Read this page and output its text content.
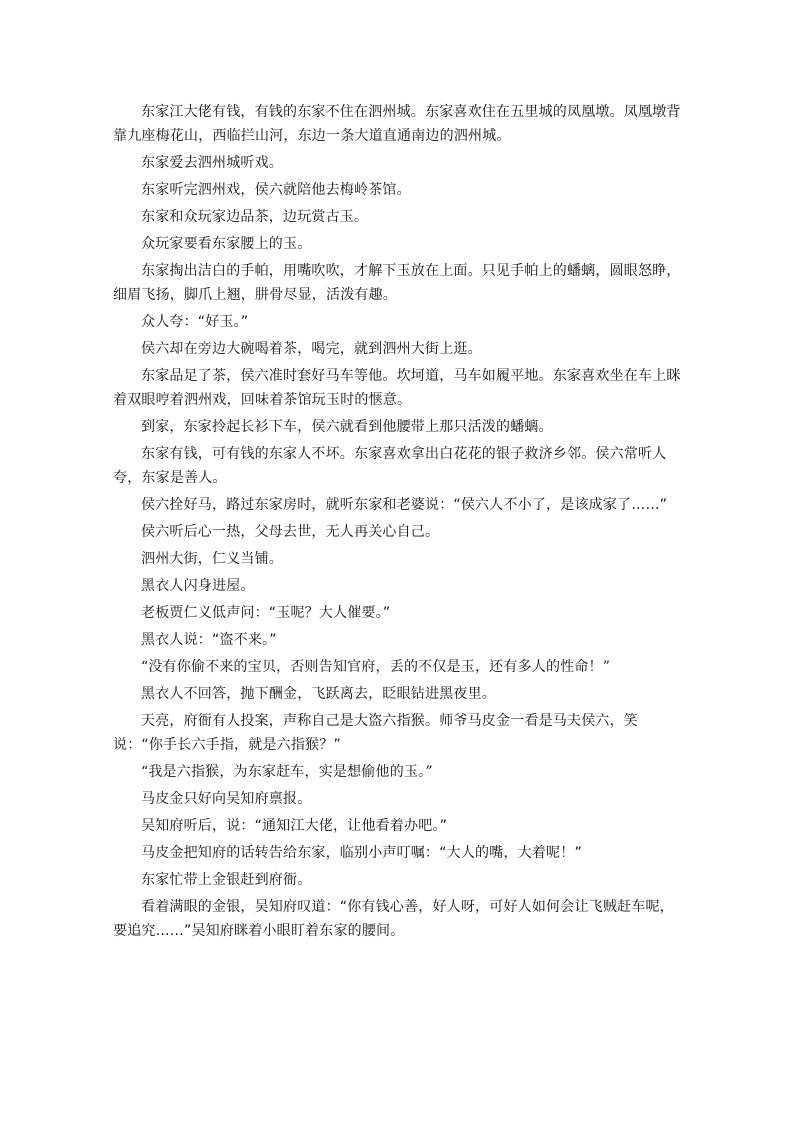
东家江大佬有钱，有钱的东家不住在泗州城。东家喜欢住在五里城的凤凰墩。凤凰墩背靠九座梅花山，西临拦山河，东边一条大道直通南边的泗州城。

东家爱去泗州城听戏。

东家听完泗州戏，侯六就陪他去梅岭茶馆。

东家和众玩家边品茶，边玩赏古玉。

众玩家要看东家腰上的玉。

东家掏出洁白的手帕，用嘴吹吹，才解下玉放在上面。只见手帕上的蟠螭，圆眼怒睁，细眉飞扬，脚爪上翘，肼骨尽显，活泼有趣。

众人夸：“好玉。”

侯六却在旁边大碗喝着茶，喝完，就到泗州大街上逛。

东家品足了茶，侯六准时套好马车等他。坎坷道，马车如履平地。东家喜欢坐在车上眯着双眼哼着泗州戏，回味着茶馆玩玉时的惬意。

到家，东家拎起长衫下车，侯六就看到他腰带上那只活泼的蟠螭。

东家有钱，可有钱的东家人不坏。东家喜欢拿出白花花的银子救济乡邻。侯六常听人夸，东家是善人。

侯六拴好马，路过东家房时，就听东家和老婆说：“侯六人不小了，是该成家了……”

侯六听后心一热，父母去世，无人再关心自己。

泗州大街，仁义当铺。

黑衣人闪身进屋。

老板贾仁义低声问：“玉呢？大人催要。”

黑衣人说：“盗不来。”

“没有你偷不来的宝贝，否则告知官府，丢的不仅是玉，还有多人的性命！”

黑衣人不回答，抛下酬金，飞跃离去，眨眼钻进黑夜里。

天亮，府衙有人投案，声称自己是大盗六指猴。师爷马皮金一看是马夫侯六，笑说：“你手长六手指，就是六指猴？”

“我是六指猴，为东家赶车，实是想偷他的玉。”

马皮金只好向吴知府禀报。

吴知府听后，说：“通知江大佬，让他看着办吧。”

马皮金把知府的话转告给东家，临别小声叮嘱：“大人的嘴，大着呢！”

东家忙带上金银赶到府衙。

看着满眼的金银，吴知府叹道：“你有钱心善，好人呀，可好人如何会让飞贼赶车呢，要追究……”吴知府眯着小眼盯着东家的腰间。
